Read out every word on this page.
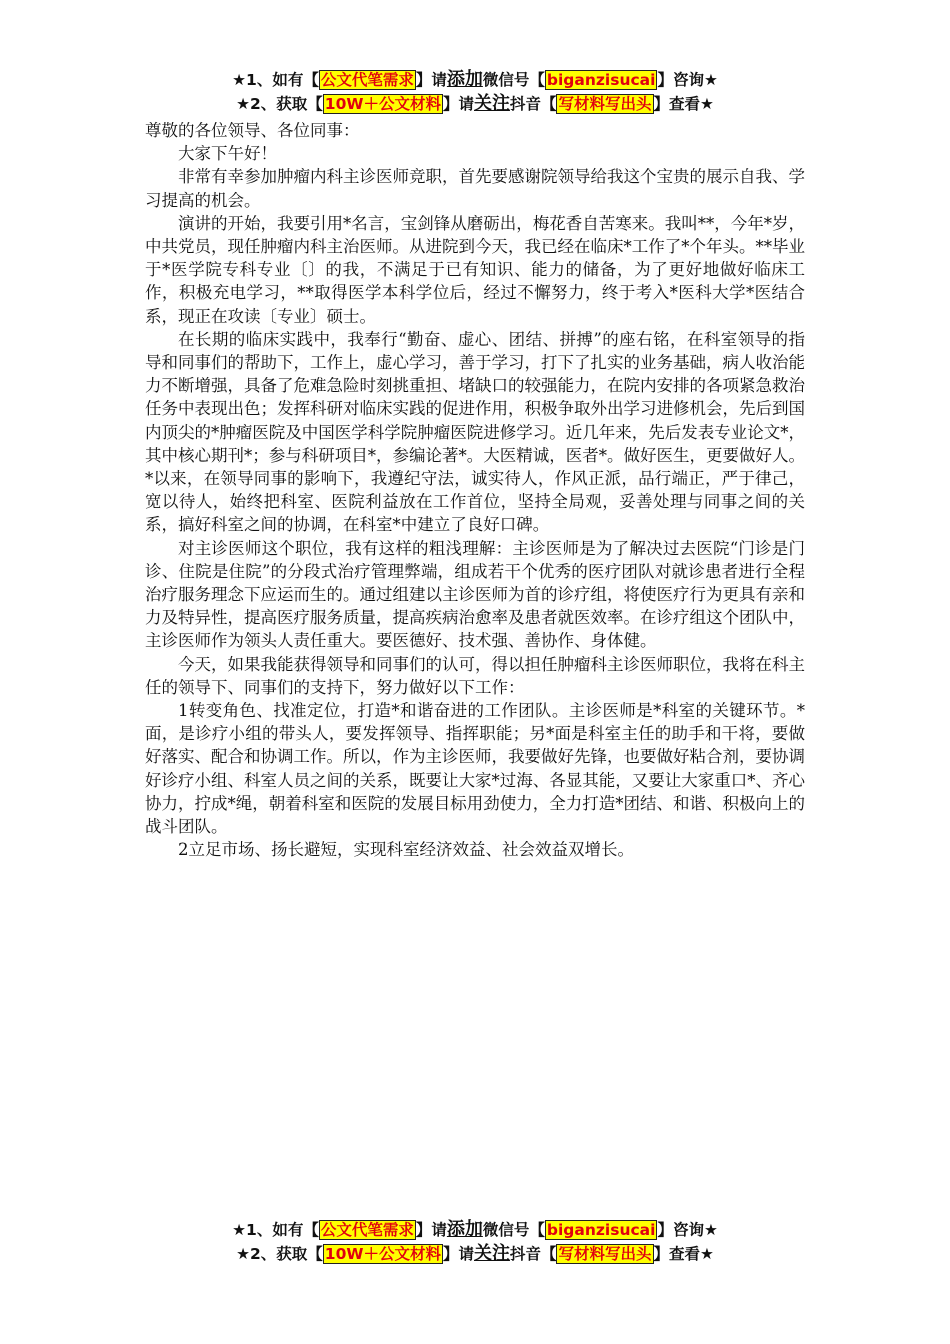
★1、如有【 公文代笔需求 】请添加微信号【 biganzisucai 】咨询★
★2、获取【 10W＋公文材料 】请关注抖音【 写材料写出头 】查看★

尊敬的各位领导、各位同事：

大家下午好！

非常有幸参加肿瘤内科主诊医师竞职，首先要感谢院领导给我这个宝贵的展示自我、学习提高的机会。

演讲的开始，我要引用*名言，宝剑锋从磨砺出，梅花香自苦寒来。我叫**，今年*岁，中共党员，现任肿瘤内科主治医师。从进院到今天，我已经在临床*工作了*个年头。**毕业于*医学院专科专业〔〕的我，不满足于已有知识、能力的储备，为了更好地做好临床工作，积极充电学习，**取得医学本科学位后，经过不懈努力，终于考入*医科大学*医结合系，现正在攻读〔专业〕硕士。

在长期的临床实践中，我奉行“勤奋、虚心、团结、拼搏”的座右铭，在科室领导的指导和同事们的帮助下，工作上，虚心学习，善于学习，打下了扎实的业务基础，病人收治能力不断增强，具备了危难急险时刻挑重担、堵缺口的较强能力，在院内安排的各项紧急救治任务中表现出色；发挥科研对临床实践的促进作用，积极争取外出学习进修机会，先后到国内顶尖的*肿瘤医院及中国医学科学院肿瘤医院进修学习。近几年来，先后发表专业论文*，其中核心期刊*；参与科研项目*，参编论著*。大医精诚，医者*。做好医生，更要做好人。*以来，在领导同事的影响下，我遵纪守法，诚实待人，作风正派，品行端正，严于律己，宽以待人，始终把科室、医院利益放在工作首位，坚持全局观，妥善处理与同事之间的关系，搞好科室之间的协调，在科室*中建立了良好口碑。

对主诊医师这个职位，我有这样的粗浅理解：主诊医师是为了解决过去医院“门诊是门诊、住院是住院”的分段式治疗管理弊端，组成若干个优秀的医疗团队对就诊患者进行全程治疗服务理念下应运而生的。通过组建以主诊医师为首的诊疗组，将使医疗行为更具有亲和力及特异性，提高医疗服务质量，提高疾病治愈率及患者就医效率。在诊疗组这个团队中，主诊医师作为领头人责任重大。要医德好、技术强、善协作、身体健。

今天，如果我能获得领导和同事们的认可，得以担任肿瘤科主诊医师职位，我将在科主任的领导下、同事们的支持下，努力做好以下工作：

1转变角色、找准定位，打造*和谐奋进的工作团队。主诊医师是*科室的关键环节。*面，是诊疗小组的带头人，要发挥领导、指挥职能；另*面是科室主任的助手和干将，要做好落实、配合和协调工作。所以，作为主诊医师，我要做好先锋，也要做好粘合剂，要协调好诊疗小组、科室人员之间的关系，既要让大家*过海、各显其能，又要让大家重口*、齐心协力，拧成*绳，朝着科室和医院的发展目标用劲使力，全力打造*团结、和谐、积极向上的战斗团队。

2立足市场、扬长避短，实现科室经济效益、社会效益双增长。

★1、如有【 公文代笔需求 】请添加微信号【 biganzisucai 】咨询★
★2、获取【 10W＋公文材料 】请关注抖音【 写材料写出头 】查看★
